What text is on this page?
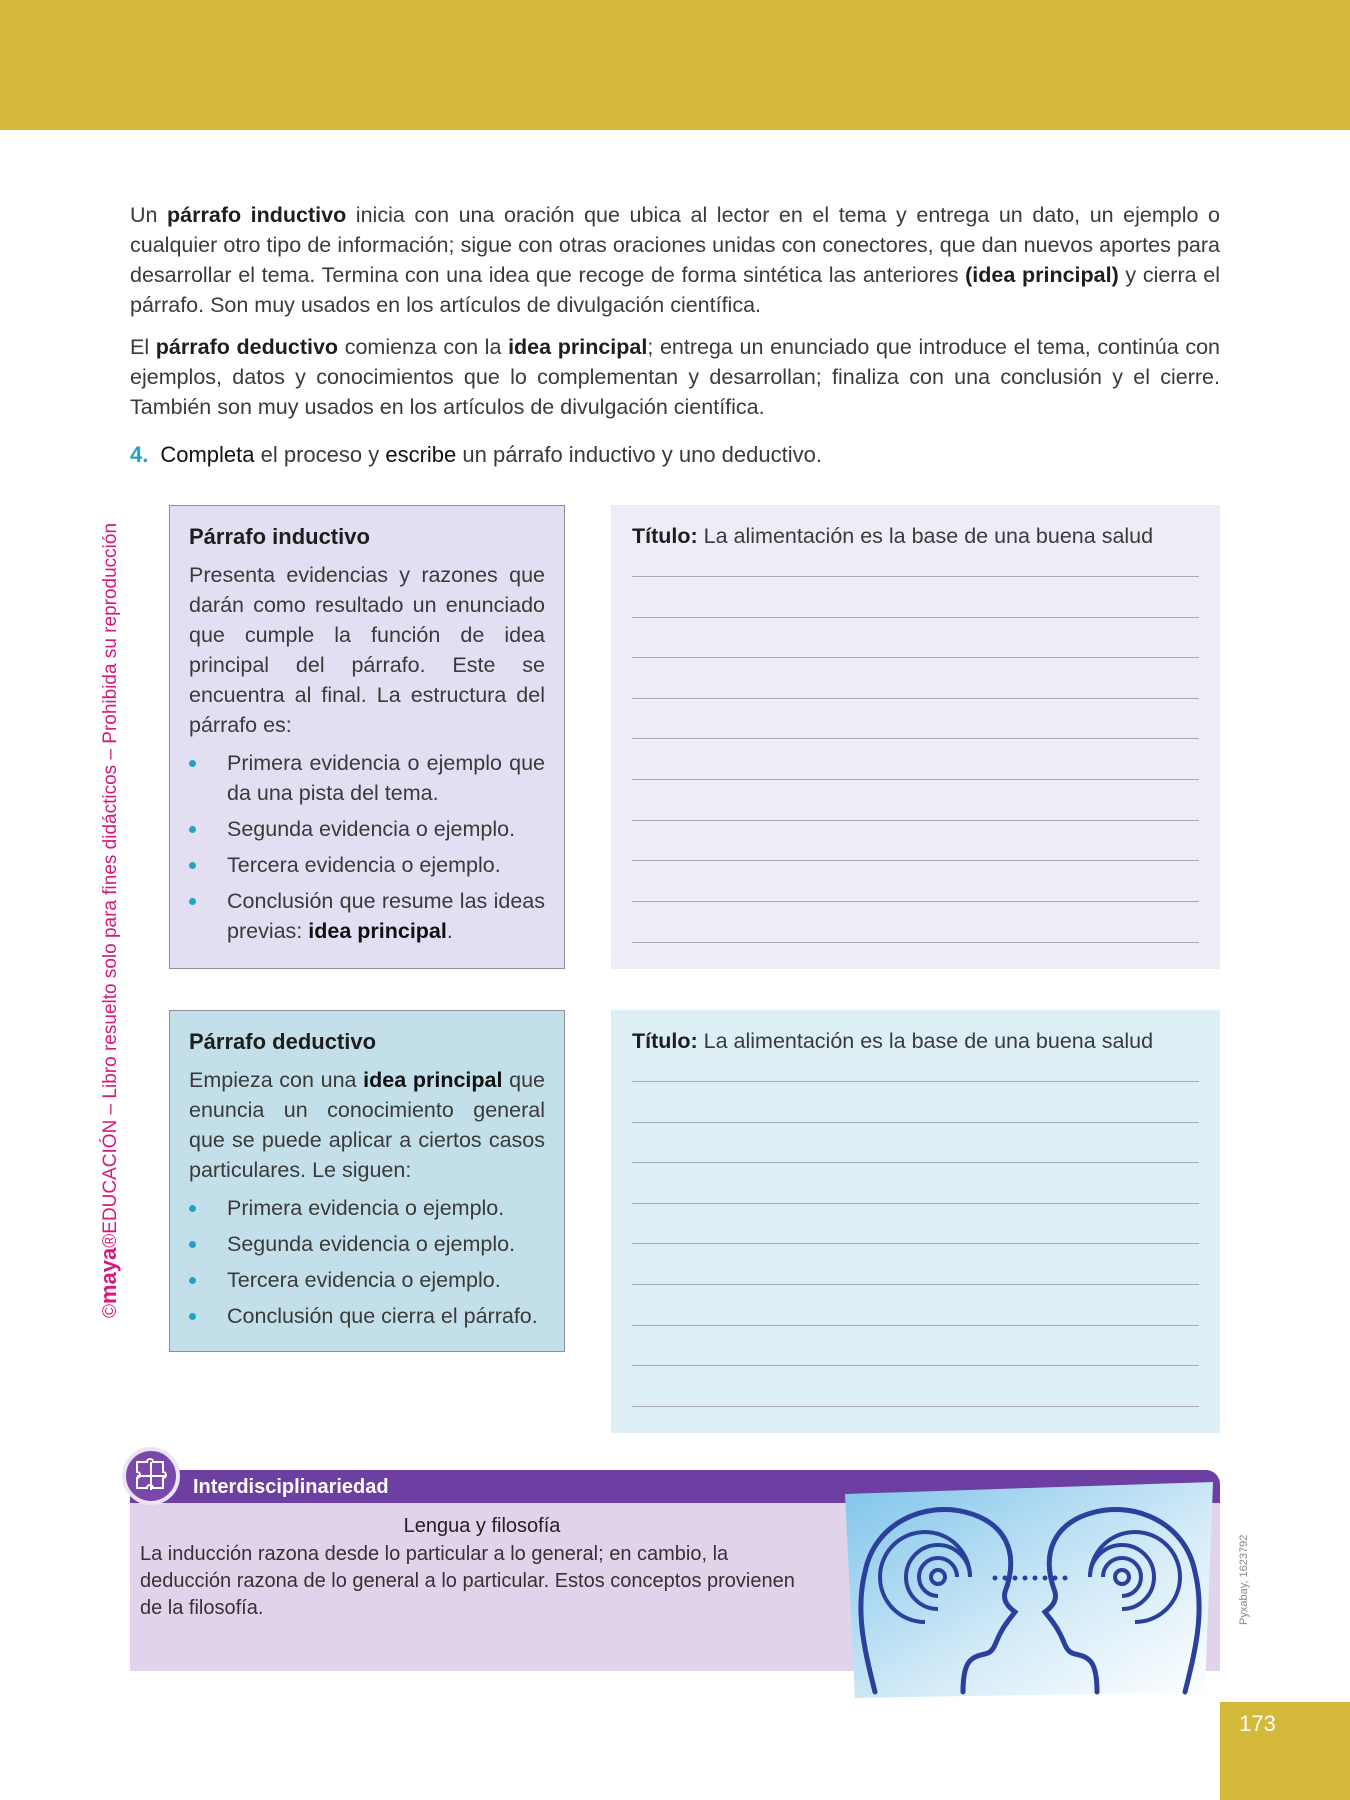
©maya®EDUCACIÓN – Libro resuelto solo para fines didácticos – Prohibida su reproducción

Un párrafo inductivo inicia con una oración que ubica al lector en el tema y entrega un dato, un ejemplo o cualquier otro tipo de información; sigue con otras oraciones unidas con conectores, que dan nuevos aportes para desarrollar el tema. Termina con una idea que recoge de forma sintética las anteriores (idea principal) y cierra el párrafo. Son muy usados en los artículos de divulgación científica.

El párrafo deductivo comienza con la idea principal; entrega un enunciado que introduce el tema, continúa con ejemplos, datos y conocimientos que lo complementan y desarrollan; finaliza con una conclusión y el cierre. También son muy usados en los artículos de divulgación científica.

4. Completa el proceso y escribe un párrafo inductivo y uno deductivo.
Párrafo inductivo

Presenta evidencias y razones que darán como resultado un enunciado que cumple la función de idea principal del párrafo. Este se encuentra al final. La estructura del párrafo es:

Primera evidencia o ejemplo que da una pista del tema.
Segunda evidencia o ejemplo.
Tercera evidencia o ejemplo.
Conclusión que resume las ideas previas: idea principal.
Título: La alimentación es la base de una buena salud
Párrafo deductivo

Empieza con una idea principal que enuncia un conocimiento general que se puede aplicar a ciertos casos particulares. Le siguen:

Primera evidencia o ejemplo.
Segunda evidencia o ejemplo.
Tercera evidencia o ejemplo.
Conclusión que cierra el párrafo.
Título: La alimentación es la base de una buena salud
Interdisciplinariedad
Lengua y filosofía
La inducción razona desde lo particular a lo general; en cambio, la deducción razona de lo general a lo particular. Estos conceptos provienen de la filosofía.	Pyxabay, 1623792
173
